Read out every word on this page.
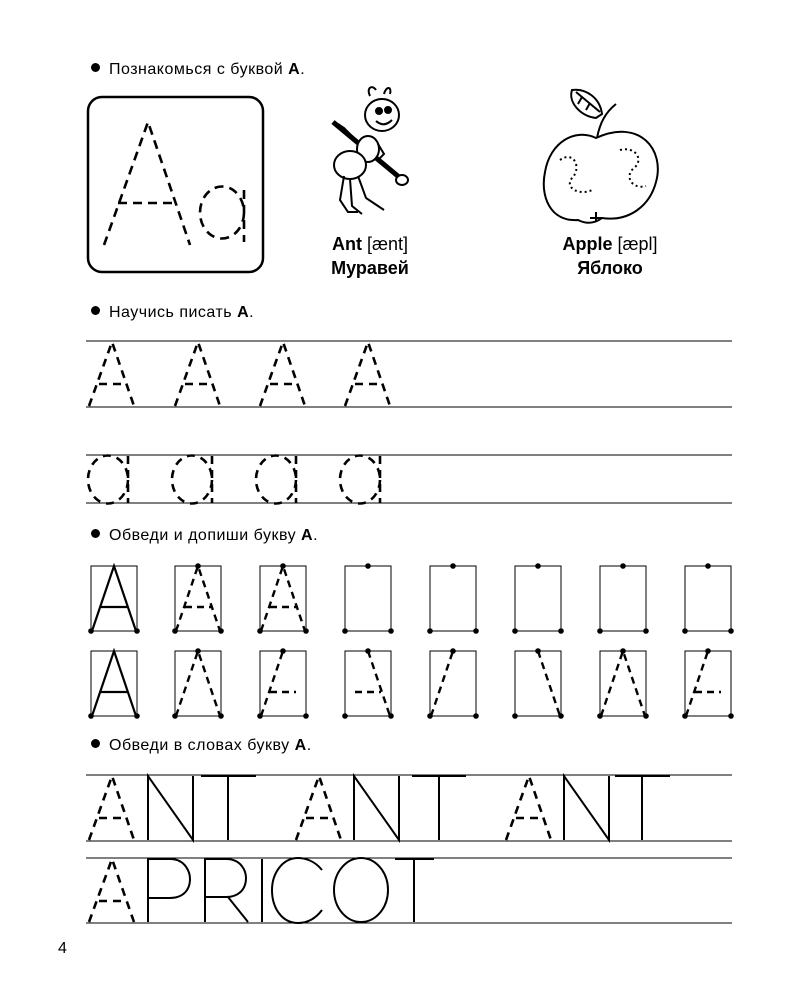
Познакомься с буквой А.
Научись писать А.
Обведи и допиши букву А.
Обведи в словах букву А.
A
Ant [ænt]
Муравей
Apple [æpl]
Яблоко
4
